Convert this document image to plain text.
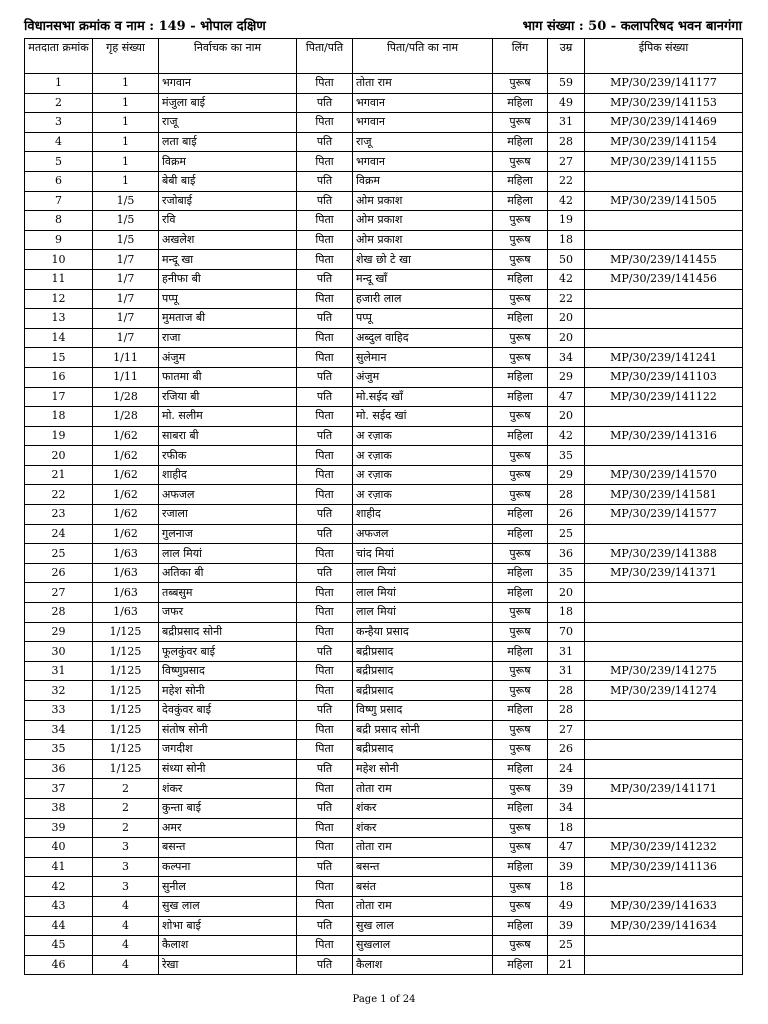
विधानसभा क्रमांक व नाम : 149 - भोपाल दक्षिण	भाग संख्या : 50 - कलापरिषद भवन बानगंगा
मतदाता क्रमांक	गृह संख्या	निर्वाचक का नाम	पिता/पति	पिता/पति का नाम	लिंग	उम्र	ईपिक संख्या
1	1	भगवान	पिता	तोता राम	पुरूष	59	MP/30/239/141177
2	1	मंजुला बाई	पति	भगवान	महिला	49	MP/30/239/141153
3	1	राजू	पिता	भगवान	पुरूष	31	MP/30/239/141469
4	1	लता बाई	पति	राजू	महिला	28	MP/30/239/141154
5	1	विक्रम	पिता	भगवान	पुरूष	27	MP/30/239/141155
6	1	बेबी बाई	पति	विक्रम	महिला	22	
7	1/5	रजोबाई	पति	ओम प्रकाश	महिला	42	MP/30/239/141505
8	1/5	रवि	पिता	ओम प्रकाश	पुरूष	19	
9	1/5	अखलेश	पिता	ओम प्रकाश	पुरूष	18	
10	1/7	मन्दू खा	पिता	शेख छो टे खा	पुरूष	50	MP/30/239/141455
11	1/7	हनीफा बी	पति	मन्दू खाँ	महिला	42	MP/30/239/141456
12	1/7	पप्पू	पिता	हजारी लाल	पुरूष	22	
13	1/7	मुमताज बी	पति	पप्पू	महिला	20	
14	1/7	राजा	पिता	अब्दुल वाहिद	पुरूष	20	
15	1/11	अंजुम	पिता	सुलेमान	पुरूष	34	MP/30/239/141241
16	1/11	फातमा बी	पति	अंजुम	महिला	29	MP/30/239/141103
17	1/28	रजिया बी	पति	मो.सईद खाँ	महिला	47	MP/30/239/141122
18	1/28	मो. सलीम	पिता	मो. सईद खां	पुरूष	20	
19	1/62	साबरा बी	पति	अ रज़ाक	महिला	42	MP/30/239/141316
20	1/62	रफीक	पिता	अ रज़ाक	पुरूष	35	
21	1/62	शाहीद	पिता	अ रज़ाक	पुरूष	29	MP/30/239/141570
22	1/62	अफजल	पिता	अ रज़ाक	पुरूष	28	MP/30/239/141581
23	1/62	रजाला	पति	शाहीद	महिला	26	MP/30/239/141577
24	1/62	गुलनाज	पति	अफजल	महिला	25	
25	1/63	लाल मियां	पिता	चांद मियां	पुरूष	36	MP/30/239/141388
26	1/63	अतिका बी	पति	लाल मियां	महिला	35	MP/30/239/141371
27	1/63	तब्बसुम	पिता	लाल मियां	महिला	20	
28	1/63	जफर	पिता	लाल मियां	पुरूष	18	
29	1/125	बद्रीप्रसाद सोनी	पिता	कन्हैया प्रसाद	पुरूष	70	
30	1/125	फूलकुंवर बाई	पति	बद्रीप्रसाद	महिला	31	
31	1/125	विष्णुप्रसाद	पिता	बद्रीप्रसाद	पुरूष	31	MP/30/239/141275
32	1/125	महेश सोनी	पिता	बद्रीप्रसाद	पुरूष	28	MP/30/239/141274
33	1/125	देवकुंवर बाई	पति	विष्णु प्रसाद	महिला	28	
34	1/125	संतोष सोनी	पिता	बद्री प्रसाद सोनी	पुरूष	27	
35	1/125	जगदीश	पिता	बद्रीप्रसाद	पुरूष	26	
36	1/125	संध्या सोनी	पति	महेश सोनी	महिला	24	
37	2	शंकर	पिता	तोता राम	पुरूष	39	MP/30/239/141171
38	2	कुन्ता बाई	पति	शंकर	महिला	34	
39	2	अमर	पिता	शंकर	पुरूष	18	
40	3	बसन्त	पिता	तोता राम	पुरूष	47	MP/30/239/141232
41	3	कल्पना	पति	बसन्त	महिला	39	MP/30/239/141136
42	3	सुनील	पिता	बसंत	पुरूष	18	
43	4	सुख लाल	पिता	तोता राम	पुरूष	49	MP/30/239/141633
44	4	शोभा बाई	पति	सुख लाल	महिला	39	MP/30/239/141634
45	4	कैलाश	पिता	सुखलाल	पुरूष	25	
46	4	रेखा	पति	कैलाश	महिला	21	
Page 1 of 24
